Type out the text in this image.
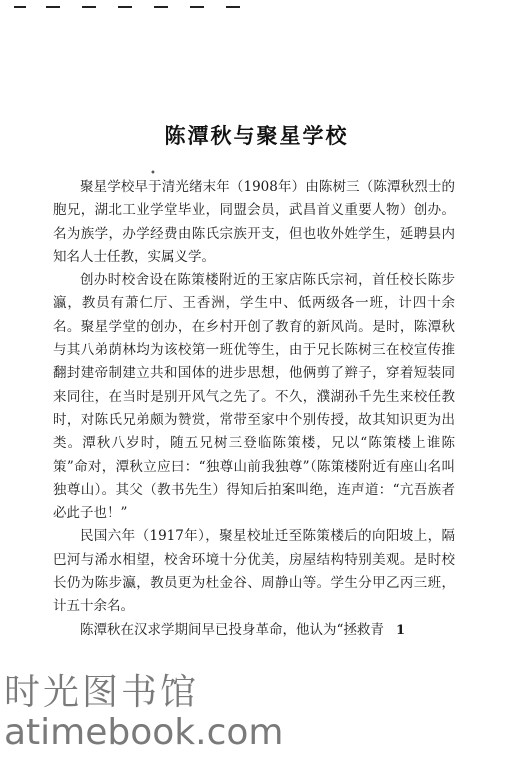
陈潭秋与聚星学校
•

聚星学校早于清光绪末年（1908年）由陈树三（陈潭秋烈士的胞兄，湖北工业学堂毕业，同盟会员，武昌首义重要人物）创办。名为族学，办学经费由陈氏宗族开支，但也收外姓学生，延聘县内知名人士任教，实属义学。

创办时校舍设在陈策楼附近的王家店陈氏宗祠，首任校长陈步瀛，教员有萧仁厅、王香洲，学生中、低两级各一班，计四十余名。聚星学堂的创办，在乡村开创了教育的新风尚。是时，陈潭秋与其八弟荫林均为该校第一班优等生，由于兄长陈树三在校宣传推翻封建帝制建立共和国体的进步思想，他俩剪了辫子，穿着短装同来同往，在当时是别开风气之先了。不久，濮湖孙千先生来校任教时，对陈氏兄弟颇为赞赏，常带至家中个别传授，故其知识更为出类。潭秋八岁时，随五兄树三登临陈策楼，兄以“陈策楼上谁陈策”命对，潭秋立应曰：“独尊山前我独尊”（陈策楼附近有座山名叫独尊山）。其父（教书先生）得知后拍案叫绝，连声道：“亢吾族者必此子也！”

民国六年（1917年），聚星校址迁至陈策楼后的向阳坡上，隔巴河与浠水相望，校舍环境十分优美，房屋结构特别美观。是时校长仍为陈步瀛，教员更为杜金谷、周静山等。学生分甲乙丙三班，计五十余名。

陈潭秋在汉求学期间早已投身革命，他认为“拯救青 1
时光图书馆
atimebook.com
